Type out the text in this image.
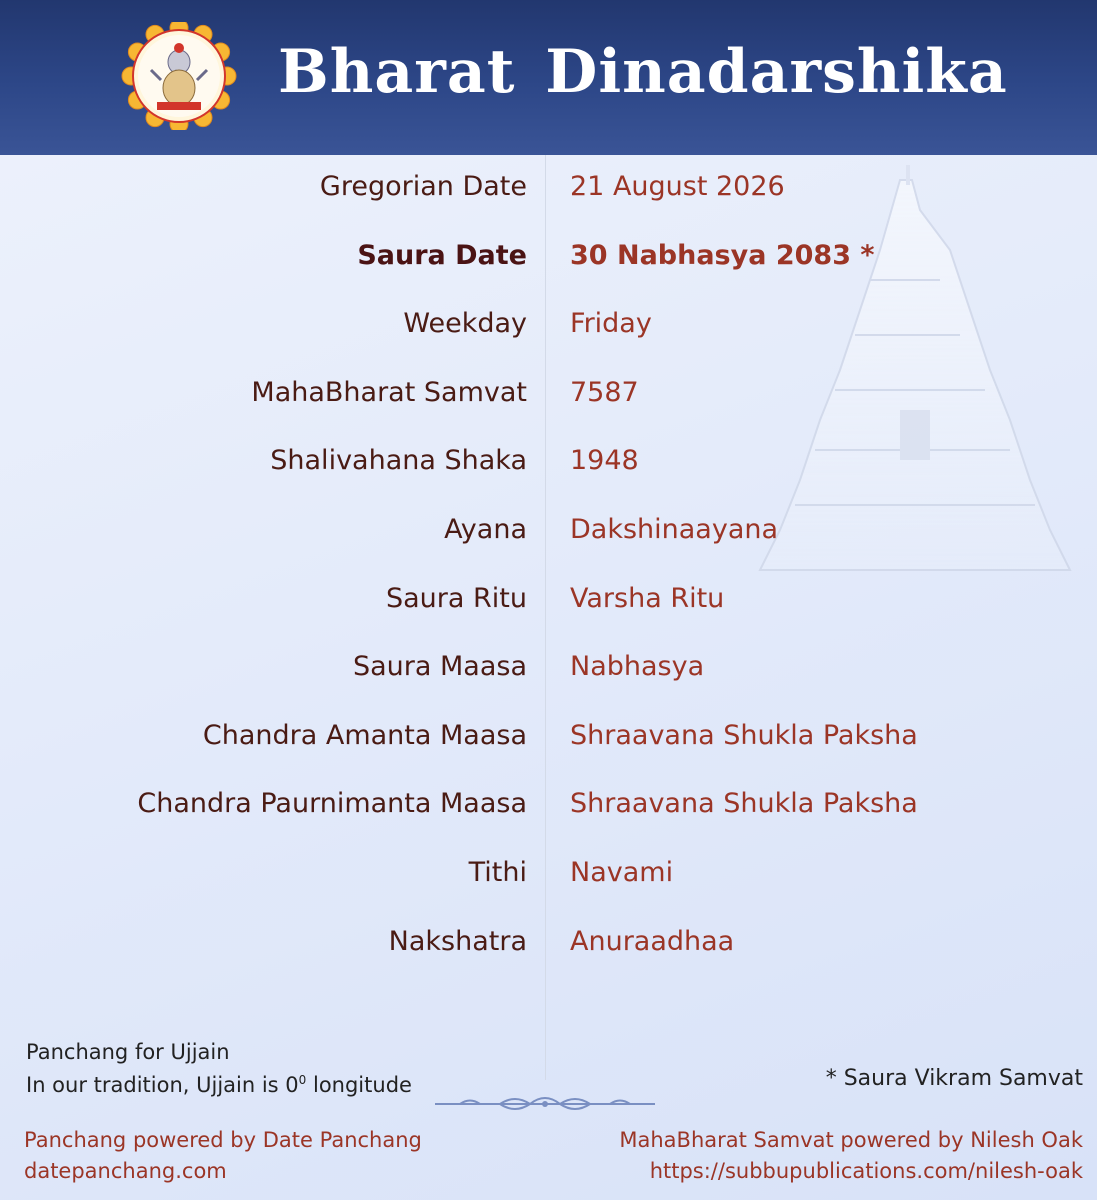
Bharat Dinadarshika
Gregorian Date 21 August 2026
Saura Date 30 Nabhasya 2083 *
Weekday Friday
MahaBharat Samvat 7587
Shalivahana Shaka 1948
Ayana Dakshinaayana
Saura Ritu Varsha Ritu
Saura Maasa Nabhasya
Chandra Amanta Maasa Shraavana Shukla Paksha
Chandra Paurnimanta Maasa Shraavana Shukla Paksha
Tithi Navami
Nakshatra Anuraadhaa
Panchang for Ujjain
In our tradition, Ujjain is $0^0$ longitude	* Saura Vikram Samvat
Panchang powered by Date Panchang
datepanchang.com
MahaBharat Samvat powered by Nilesh Oak
https://subbupublications.com/nilesh-oak
